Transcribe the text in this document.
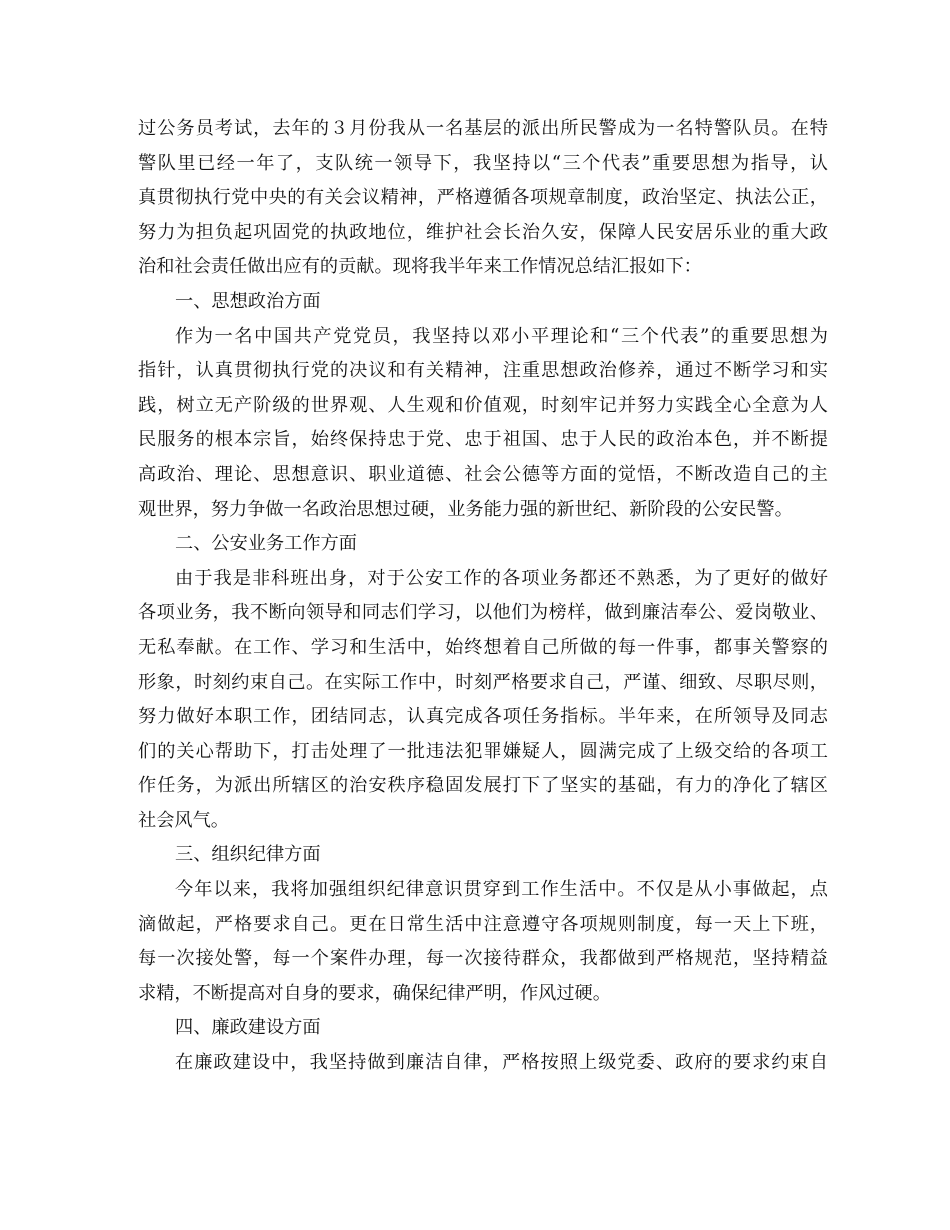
过公务员考试，去年的３月份我从一名基层的派出所民警成为一名特警队员。在特
警队里已经一年了，支队统一领导下，我坚持以“三个代表”重要思想为指导，认
真贯彻执行党中央的有关会议精神，严格遵循各项规章制度，政治坚定、执法公正，
努力为担负起巩固党的执政地位，维护社会长治久安，保障人民安居乐业的重大政
治和社会责任做出应有的贡献。现将我半年来工作情况总结汇报如下：
一、思想政治方面
作为一名中国共产党党员，我坚持以邓小平理论和“三个代表”的重要思想为
指针，认真贯彻执行党的决议和有关精神，注重思想政治修养，通过不断学习和实
践，树立无产阶级的世界观、人生观和价值观，时刻牢记并努力实践全心全意为人
民服务的根本宗旨，始终保持忠于党、忠于祖国、忠于人民的政治本色，并不断提
高政治、理论、思想意识、职业道德、社会公德等方面的觉悟，不断改造自己的主
观世界，努力争做一名政治思想过硬，业务能力强的新世纪、新阶段的公安民警。
二、公安业务工作方面
由于我是非科班出身，对于公安工作的各项业务都还不熟悉，为了更好的做好
各项业务，我不断向领导和同志们学习，以他们为榜样，做到廉洁奉公、爱岗敬业、
无私奉献。在工作、学习和生活中，始终想着自己所做的每一件事，都事关警察的
形象，时刻约束自己。在实际工作中，时刻严格要求自己，严谨、细致、尽职尽则，
努力做好本职工作，团结同志，认真完成各项任务指标。半年来，在所领导及同志
们的关心帮助下，打击处理了一批违法犯罪嫌疑人，圆满完成了上级交给的各项工
作任务，为派出所辖区的治安秩序稳固发展打下了坚实的基础，有力的净化了辖区
社会风气。
三、组织纪律方面
今年以来，我将加强组织纪律意识贯穿到工作生活中。不仅是从小事做起，点
滴做起，严格要求自己。更在日常生活中注意遵守各项规则制度，每一天上下班，
每一次接处警，每一个案件办理，每一次接待群众，我都做到严格规范，坚持精益
求精，不断提高对自身的要求，确保纪律严明，作风过硬。
四、廉政建设方面
在廉政建设中，我坚持做到廉洁自律，严格按照上级党委、政府的要求约束自
